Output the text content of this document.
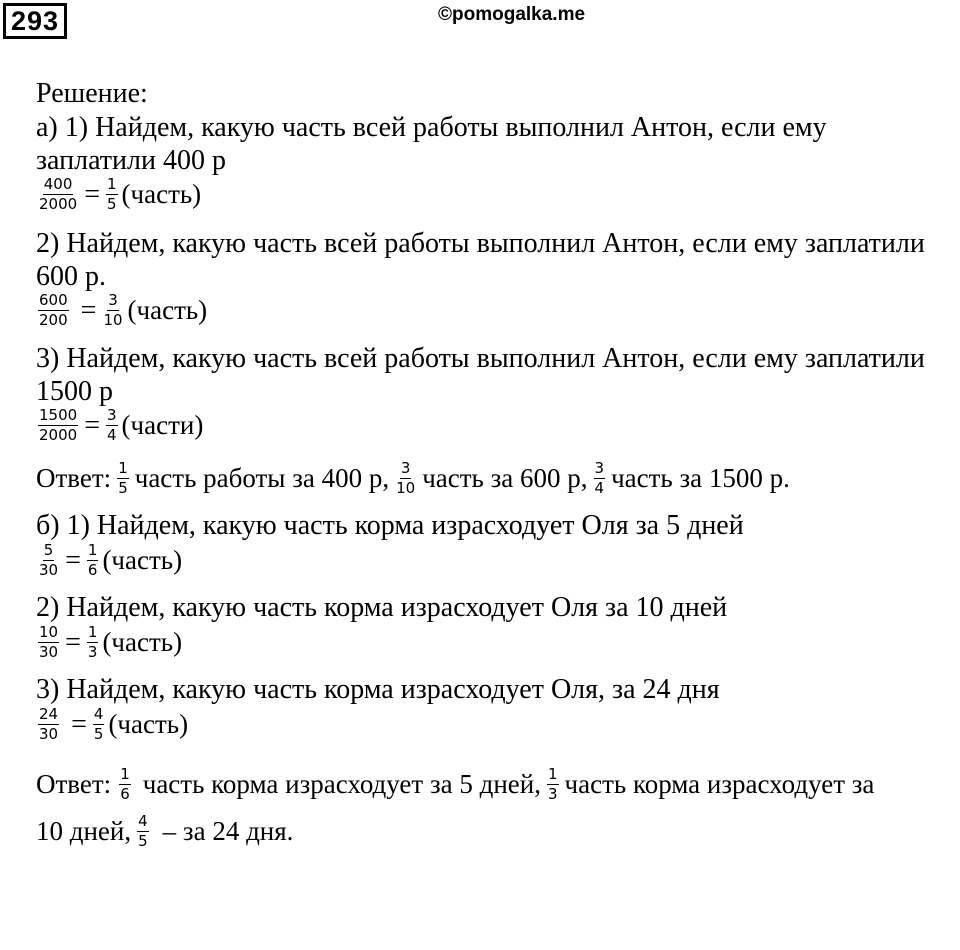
293	©pomogalka.me
Решение:
а) 1) Найдем, какую часть всей работы выполнил Антон, если ему
заплатили 400 р
$\frac{400}{2000} = \frac{1}{5}$ (часть)
2) Найдем, какую часть всей работы выполнил Антон, если ему заплатили
600 р.
$\frac{600}{200} = \frac{3}{10}$ (часть)
3) Найдем, какую часть всей работы выполнил Антон, если ему заплатили
1500 р
$\frac{1500}{2000} = \frac{3}{4}$ (части)
Ответ: $\frac{1}{5}$ часть работы за 400 р, $\frac{3}{10}$ часть за 600 р, $\frac{3}{4}$ часть за 1500 р.
б) 1) Найдем, какую часть корма израсходует Оля за 5 дней
$\frac{5}{30} = \frac{1}{6}$ (часть)
2) Найдем, какую часть корма израсходует Оля за 10 дней
$\frac{10}{30} = \frac{1}{3}$ (часть)
3) Найдем, какую часть корма израсходует Оля, за 24 дня
$\frac{24}{30} = \frac{4}{5}$ (часть)
Ответ: $\frac{1}{6}$ часть корма израсходует за 5 дней, $\frac{1}{3}$ часть корма израсходует за
10 дней, $\frac{4}{5}$ – за 24 дня.
